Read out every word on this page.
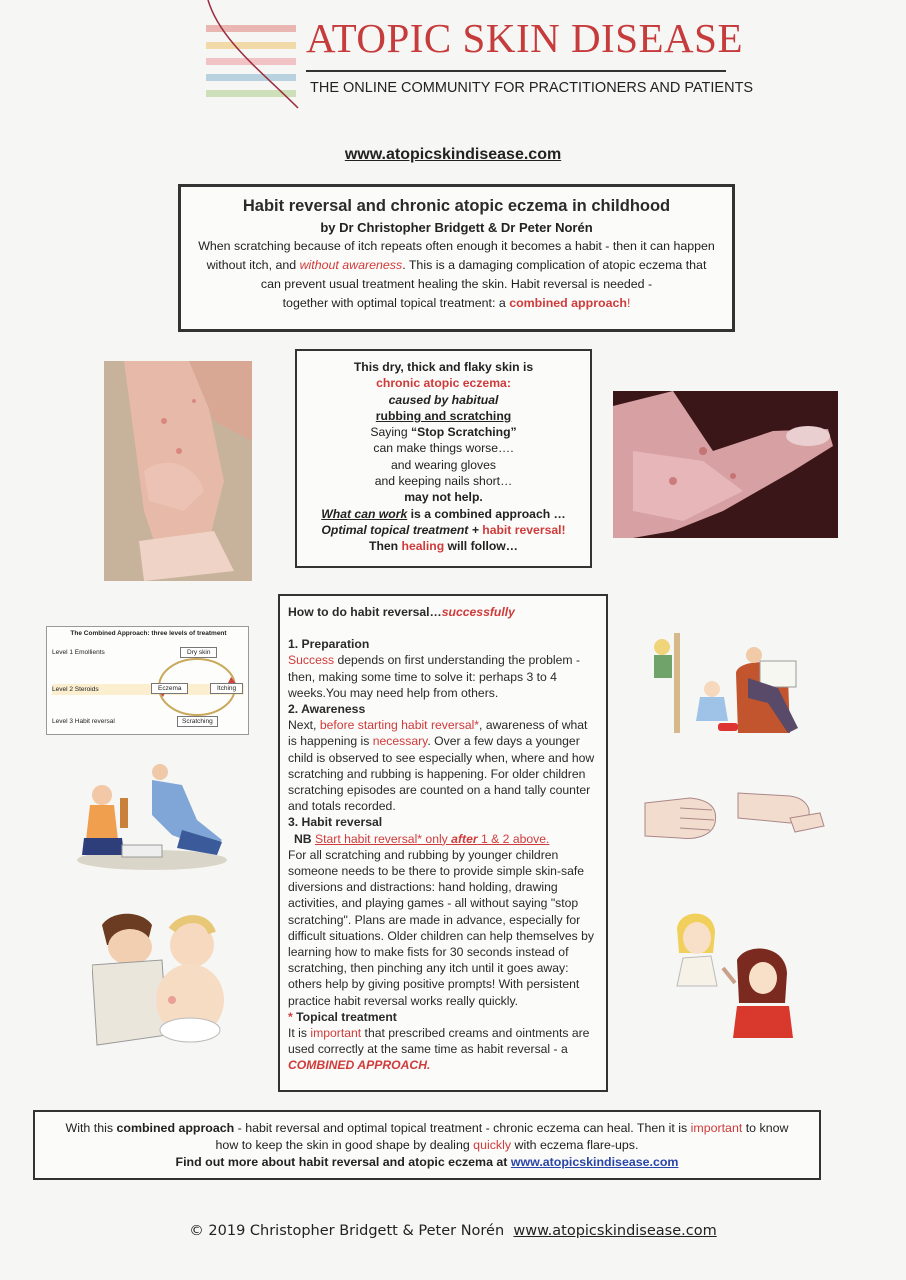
ATOPIC SKIN DISEASE
THE ONLINE COMMUNITY FOR PRACTITIONERS AND PATIENTS
www.atopicskindisease.com
Habit reversal and chronic atopic eczema in childhood
by Dr Christopher Bridgett & Dr Peter Norén
When scratching because of itch repeats often enough it becomes a habit - then it can happen
without itch, and without awareness. This is a damaging complication of atopic eczema that
can prevent usual treatment healing the skin. Habit reversal is needed -
together with optimal topical treatment: a combined approach!
This dry, thick and flaky skin is
chronic atopic eczema:
caused by habitual
rubbing and scratching
Saying “Stop Scratching”
can make things worse….
and wearing gloves
and keeping nails short…
may not help.
What can work is a combined approach …
Optimal topical treatment + habit reversal!
Then healing will follow…
The Combined Approach: three levels of treatment
Level 1 Emollients
Level 2 Steroids
Level 3 Habit reversal
Dry skin
Eczema	Itching
Scratching
How to do habit reversal…successfully
1. Preparation
Success depends on first understanding the problem - then, making some time to solve it: perhaps 3 to 4 weeks.You may need help from others.
2. Awareness
Next, before starting habit reversal*, awareness of what is happening is necessary. Over a few days a younger child is observed to see especially when, where and how scratching and rubbing is happening. For older children scratching episodes are counted on a hand tally counter and totals recorded.
3. Habit reversal
NB Start habit reversal* only after 1 & 2 above.
For all scratching and rubbing by younger children someone needs to be there to provide simple skin-safe diversions and distractions: hand holding, drawing activities, and playing games - all without saying "stop scratching". Plans are made in advance, especially for difficult situations. Older children can help themselves by learning how to make fists for 30 seconds instead of scratching, then pinching any itch until it goes away: others help by giving positive prompts! With persistent practice habit reversal works really quickly.
* Topical treatment
It is important that prescribed creams and ointments are used correctly at the same time as habit reversal - a COMBINED APPROACH.
With this combined approach - habit reversal and optimal topical treatment - chronic eczema can heal. Then it is important to know
how to keep the skin in good shape by dealing quickly with eczema flare-ups.
Find out more about habit reversal and atopic eczema at www.atopicskindisease.com
© 2019 Christopher Bridgett & Peter Norén www.atopicskindisease.com
